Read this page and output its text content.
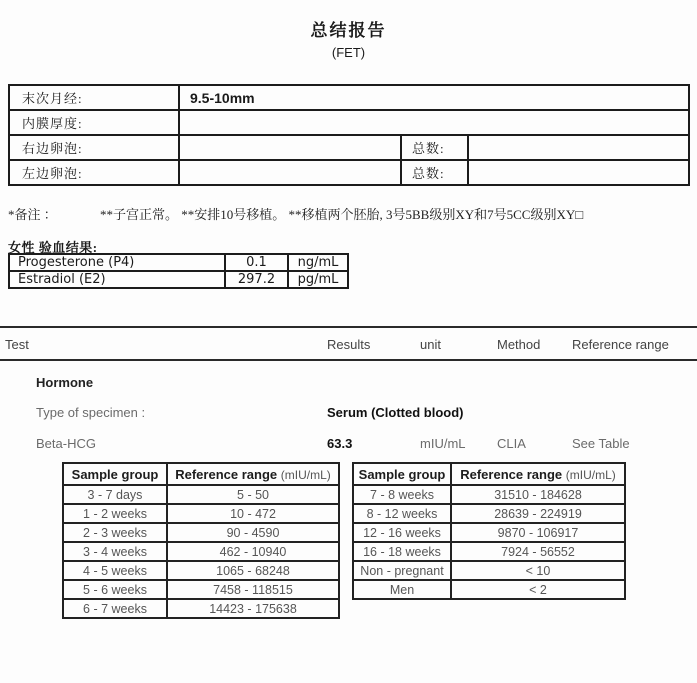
总结报告
(FET)
末次月经:	9.5-10mm		
内膜厚度:			
右边卵泡:		总数:	
左边卵泡:		总数:	
*备注 ：	**子宫正常。 **安排10号移植。 **移植两个胚胎, 3号5BB级别XY和7号5CC级别XY□
女性 验血结果:
Progesterone (P4)	0.1	ng/mL
Estradiol (E2)	297.2	pg/mL
Test	Results	unit	Method Reference range
Hormone
Type of specimen :	Serum (Clotted blood)
Beta-HCG	63.3	mIU/mL CLIA	See Table
Sample group	Reference range (mIU/mL)
3 - 7 days	5 - 50
1 - 2 weeks	10 - 472
2 - 3 weeks	90 - 4590
3 - 4 weeks	462 - 10940
4 - 5 weeks	1065 - 68248
5 - 6 weeks	7458 - 118515
6 - 7 weeks	14423 - 175638
Sample group	Reference range (mIU/mL)
7 - 8 weeks	31510 - 184628
8 - 12 weeks	28639 - 224919
12 - 16 weeks	9870 - 106917
16 - 18 weeks	7924 - 56552
Non - pregnant	< 10
Men	< 2
